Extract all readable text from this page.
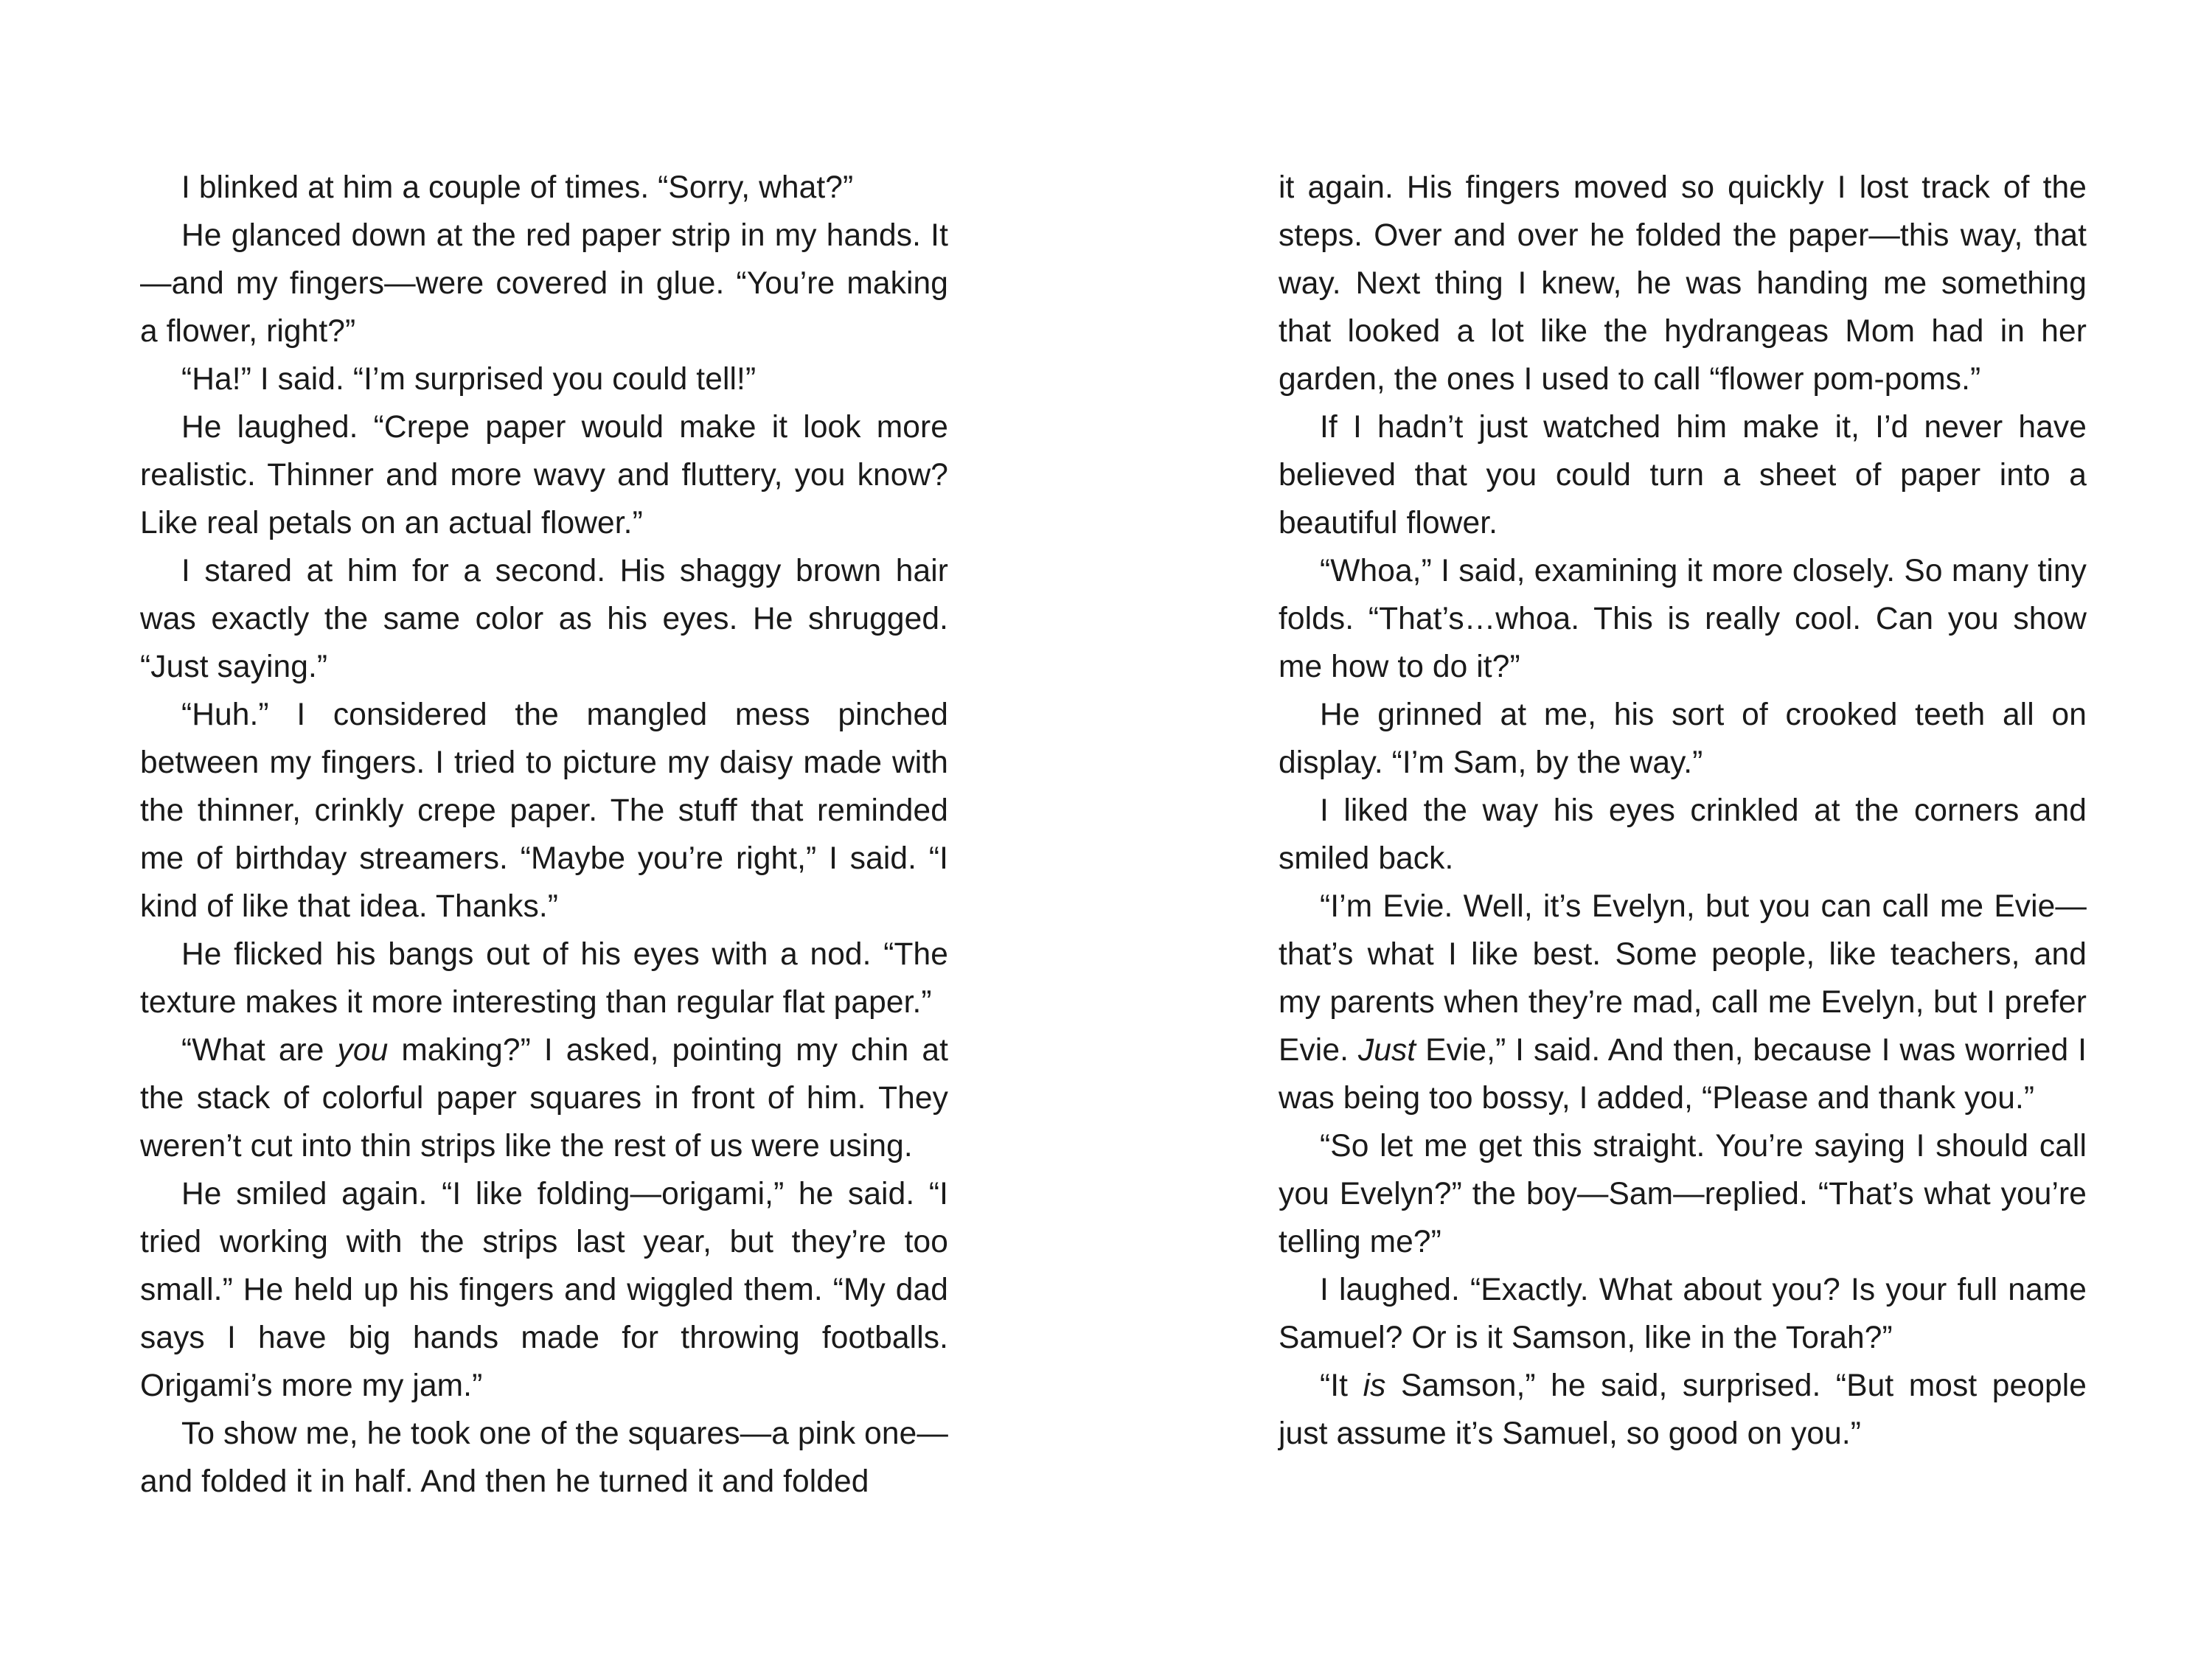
I blinked at him a couple of times. “Sorry, what?”

He glanced down at the red paper strip in my hands. It—and my fingers—were covered in glue. “You’re making a flower, right?”

“Ha!” I said. “I’m surprised you could tell!”

He laughed. “Crepe paper would make it look more realistic. Thinner and more wavy and fluttery, you know? Like real petals on an actual flower.”

I stared at him for a second. His shaggy brown hair was exactly the same color as his eyes. He shrugged. “Just saying.”

“Huh.” I considered the mangled mess pinched between my fingers. I tried to picture my daisy made with the thinner, crinkly crepe paper. The stuff that reminded me of birthday streamers. “Maybe you’re right,” I said. “I kind of like that idea. Thanks.”

He flicked his bangs out of his eyes with a nod. “The texture makes it more interesting than regular flat paper.”

“What are you making?” I asked, pointing my chin at the stack of colorful paper squares in front of him. They weren’t cut into thin strips like the rest of us were using.

He smiled again. “I like folding—origami,” he said. “I tried working with the strips last year, but they’re too small.” He held up his fingers and wiggled them. “My dad says I have big hands made for throwing footballs. Origami’s more my jam.”

To show me, he took one of the squares—a pink one—and folded it in half. And then he turned it and folded

it again. His fingers moved so quickly I lost track of the steps. Over and over he folded the paper—this way, that way. Next thing I knew, he was handing me something that looked a lot like the hydrangeas Mom had in her garden, the ones I used to call “flower pom-poms.”

If I hadn’t just watched him make it, I’d never have believed that you could turn a sheet of paper into a beautiful flower.

“Whoa,” I said, examining it more closely. So many tiny folds. “That’s…whoa. This is really cool. Can you show me how to do it?”

He grinned at me, his sort of crooked teeth all on display. “I’m Sam, by the way.”

I liked the way his eyes crinkled at the corners and smiled back.

“I’m Evie. Well, it’s Evelyn, but you can call me Evie—that’s what I like best. Some people, like teachers, and my parents when they’re mad, call me Evelyn, but I prefer Evie. Just Evie,” I said. And then, because I was worried I was being too bossy, I added, “Please and thank you.”

“So let me get this straight. You’re saying I should call you Evelyn?” the boy—Sam—replied. “That’s what you’re telling me?”

I laughed. “Exactly. What about you? Is your full name Samuel? Or is it Samson, like in the Torah?”

“It is Samson,” he said, surprised. “But most people just assume it’s Samuel, so good on you.”
